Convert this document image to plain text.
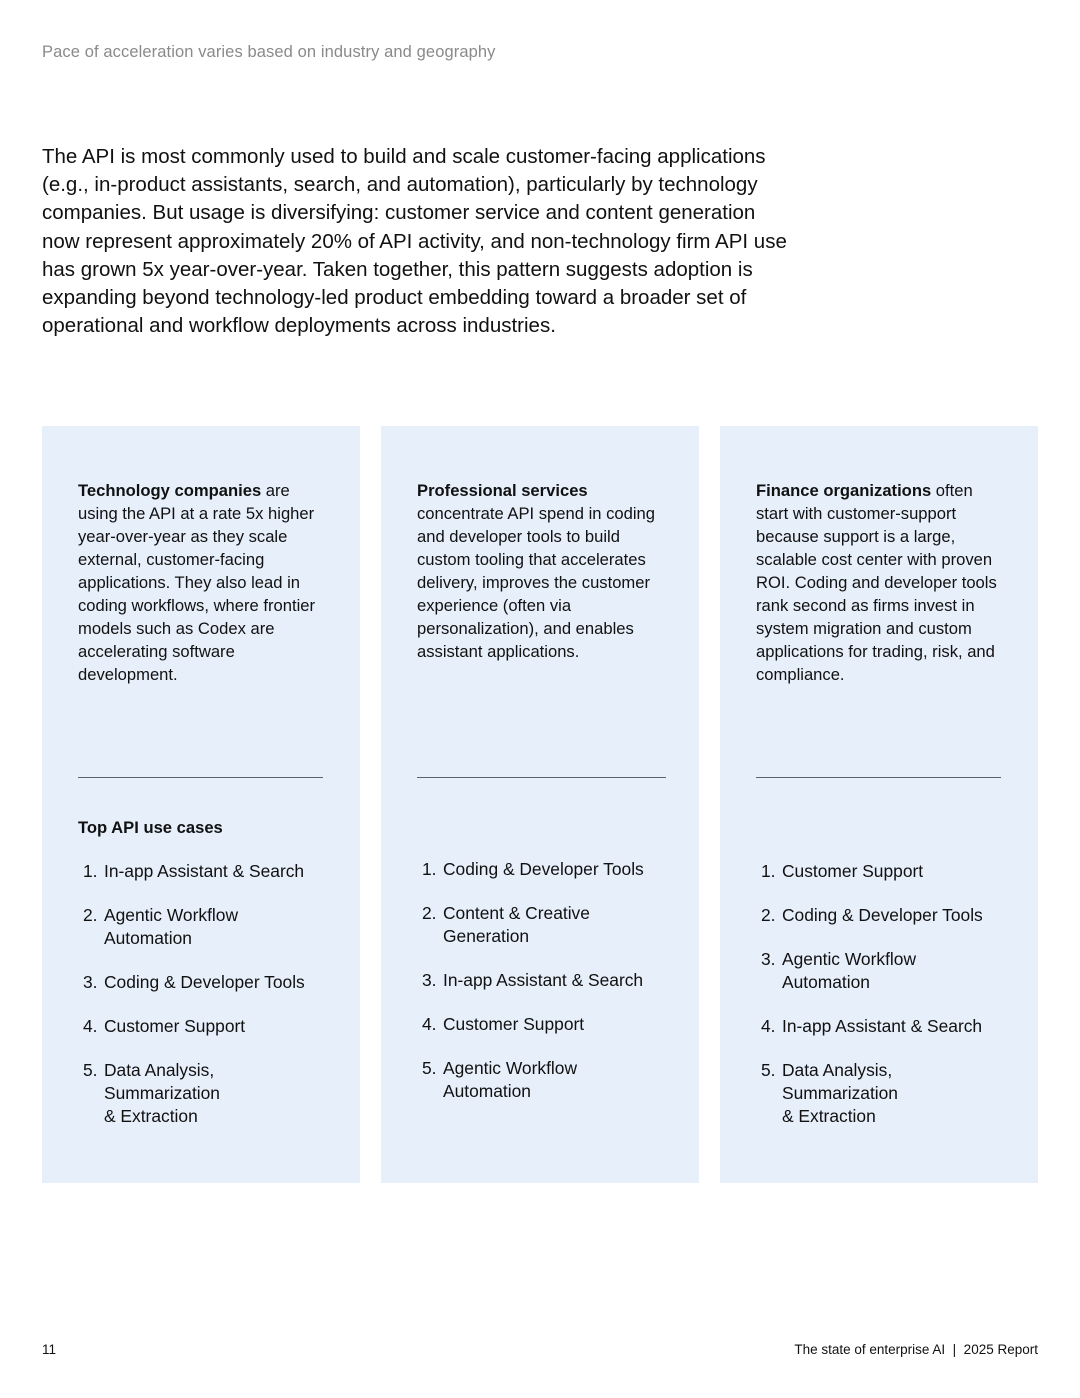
Pace of acceleration varies based on industry and geography

The API is most commonly used to build and scale customer-facing applications (e.g., in-product assistants, search, and automation), particularly by technology companies. But usage is diversifying: customer service and content generation now represent approximately 20% of API activity, and non-technology firm API use has grown 5x year-over-year. Taken together, this pattern suggests adoption is expanding beyond technology-led product embedding toward a broader set of operational and workflow deployments across industries.

Technology companies are using the API at a rate 5x higher year-over-year as they scale external, customer-facing applications. They also lead in coding workflows, where frontier models such as Codex are accelerating software development.

Top API use cases
1. In-app Assistant & Search
2. Agentic Workflow
Automation
3. Coding & Developer Tools
4. Customer Support
5. Data Analysis,
Summarization
& Extraction

Professional services concentrate API spend in coding and developer tools to build custom tooling that accelerates delivery, improves the customer experience (often via personalization), and enables assistant applications.

1. Coding & Developer Tools
2. Content & Creative
Generation
3. In-app Assistant & Search
4. Customer Support
5. Agentic Workflow
Automation

Finance organizations often start with customer-support because support is a large, scalable cost center with proven ROI. Coding and developer tools rank second as firms invest in system migration and custom applications for trading, risk, and compliance.

1. Customer Support
2. Coding & Developer Tools
3. Agentic Workflow
Automation
4. In-app Assistant & Search
5. Data Analysis,
Summarization
& Extraction
11	The state of enterprise AI  |  2025 Report
